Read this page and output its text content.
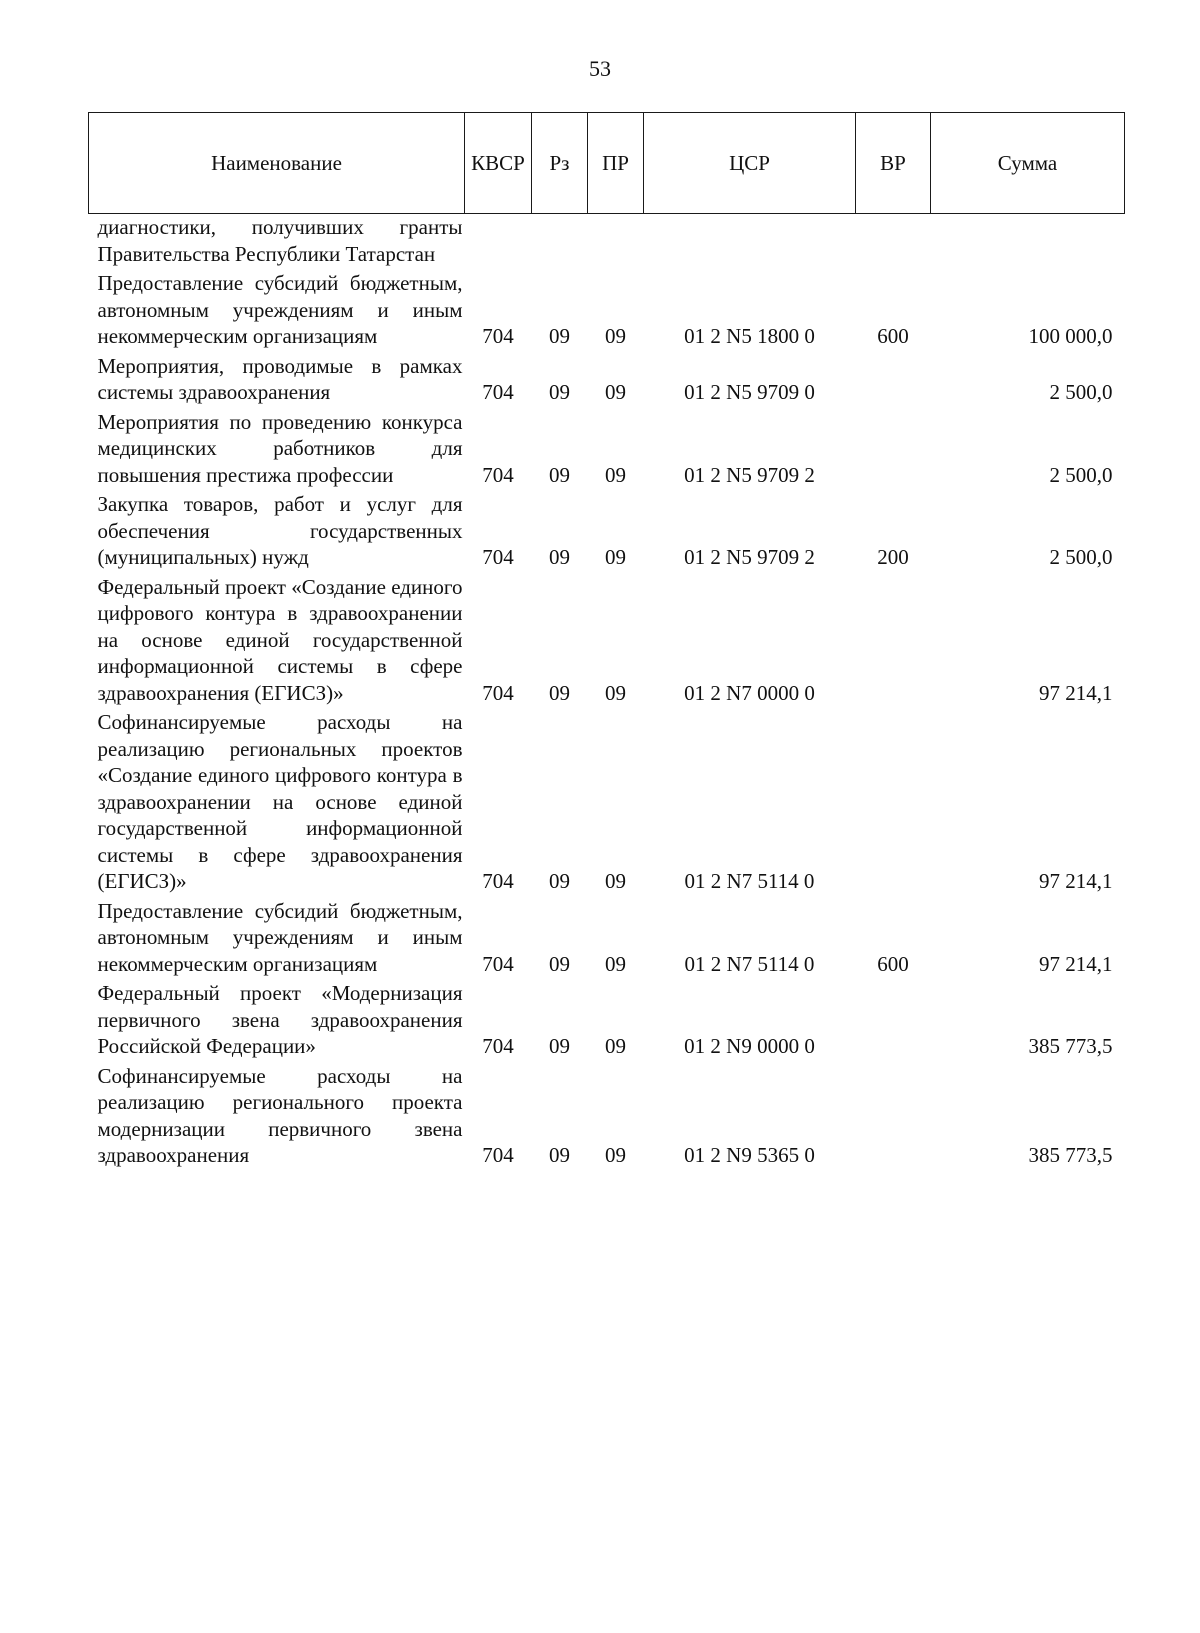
53
Наименование	КВСР	Рз	ПР	ЦСР	ВР	Сумма
диагностики, получивших гранты Правительства Республики Татарстан						
Предоставление субсидий бюджетным, автономным учреждениям и иным некоммерческим организациям	704	09	09	01 2 N5 1800 0	600	100 000,0
Мероприятия, проводимые в рамках системы здравоохранения	704	09	09	01 2 N5 9709 0		2 500,0
Мероприятия по проведению конкурса медицинских работников для повышения престижа профессии	704	09	09	01 2 N5 9709 2		2 500,0
Закупка товаров, работ и услуг для обеспечения государственных (муниципальных) нужд	704	09	09	01 2 N5 9709 2	200	2 500,0
Федеральный проект «Создание единого цифрового контура в здравоохранении на основе единой государственной информационной системы в сфере здравоохранения (ЕГИСЗ)»	704	09	09	01 2 N7 0000 0		97 214,1
Софинансируемые расходы на реализацию региональных проектов «Создание единого цифрового контура в здравоохранении на основе единой государственной информационной системы в сфере здравоохранения (ЕГИСЗ)»	704	09	09	01 2 N7 5114 0		97 214,1
Предоставление субсидий бюджетным, автономным учреждениям и иным некоммерческим организациям	704	09	09	01 2 N7 5114 0	600	97 214,1
Федеральный проект «Модернизация первичного звена здравоохранения Российской Федерации»	704	09	09	01 2 N9 0000 0		385 773,5
Софинансируемые расходы на реализацию регионального проекта модернизации первичного звена здравоохранения	704	09	09	01 2 N9 5365 0		385 773,5
